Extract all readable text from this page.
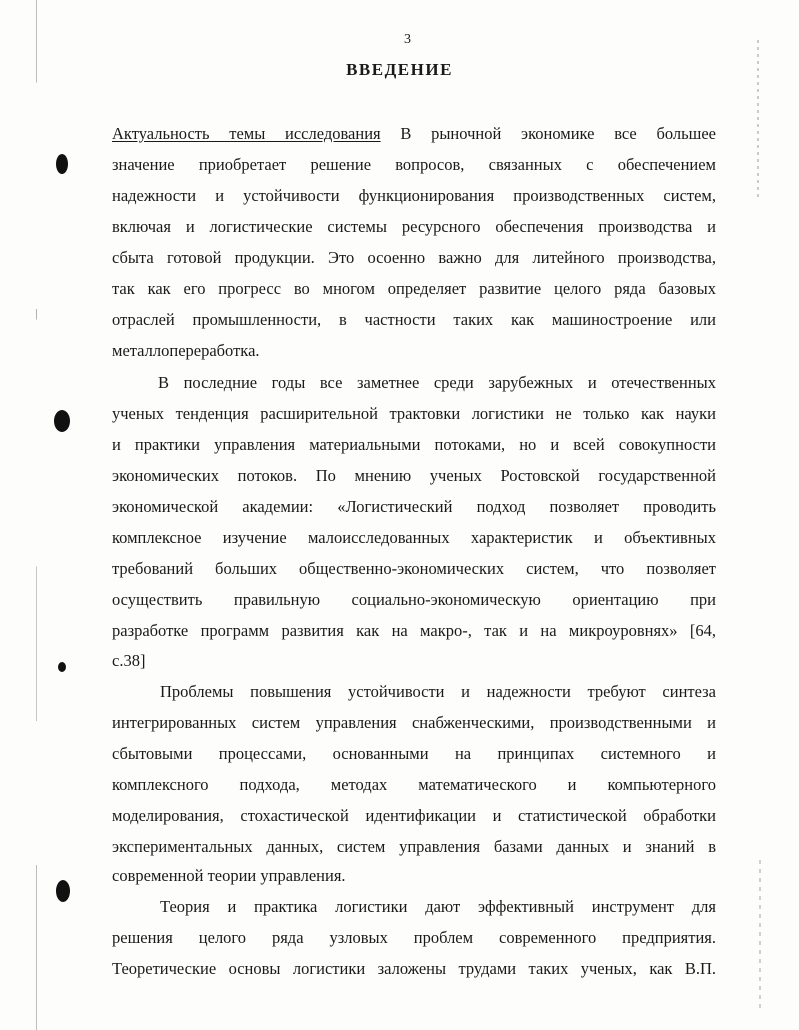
3
ВВЕДЕНИЕ
Актуальность темы исследования В рыночной экономике все большее
значение приобретает решение вопросов, связанных с обеспечением
надежности и устойчивости функционирования производственных систем,
включая и логистические системы ресурсного обеспечения производства и
сбыта готовой продукции. Это осоенно важно для литейного производства,
так как его прогресс во многом определяет развитие целого ряда базовых
отраслей промышленности, в частности таких как машиностроение или
металлопереработка.
В последние годы все заметнее среди зарубежных и отечественных
ученых тенденция расширительной трактовки логистики не только как науки
и практики управления материальными потоками, но и всей совокупности
экономических потоков. По мнению ученых Ростовской государственной
экономической академии: «Логистический подход позволяет проводить
комплексное изучение малоисследованных характеристик и объективных
требований больших общественно-экономических систем, что позволяет
осуществить правильную социально-экономическую ориентацию при
разработке программ развития как на макро-, так и на микроуровнях» [64,
с.38]
Проблемы повышения устойчивости и надежности требуют синтеза
интегрированных систем управления снабженческими, производственными и
сбытовыми процессами, основанными на принципах системного и
комплексного подхода, методах математического и компьютерного
моделирования, стохастической идентификации и статистической обработки
экспериментальных данных, систем управления базами данных и знаний в
современной теории управления.
Теория и практика логистики дают эффективный инструмент для
решения целого ряда узловых проблем современного предприятия.
Теоретические основы логистики заложены трудами таких ученых, как В.П.
